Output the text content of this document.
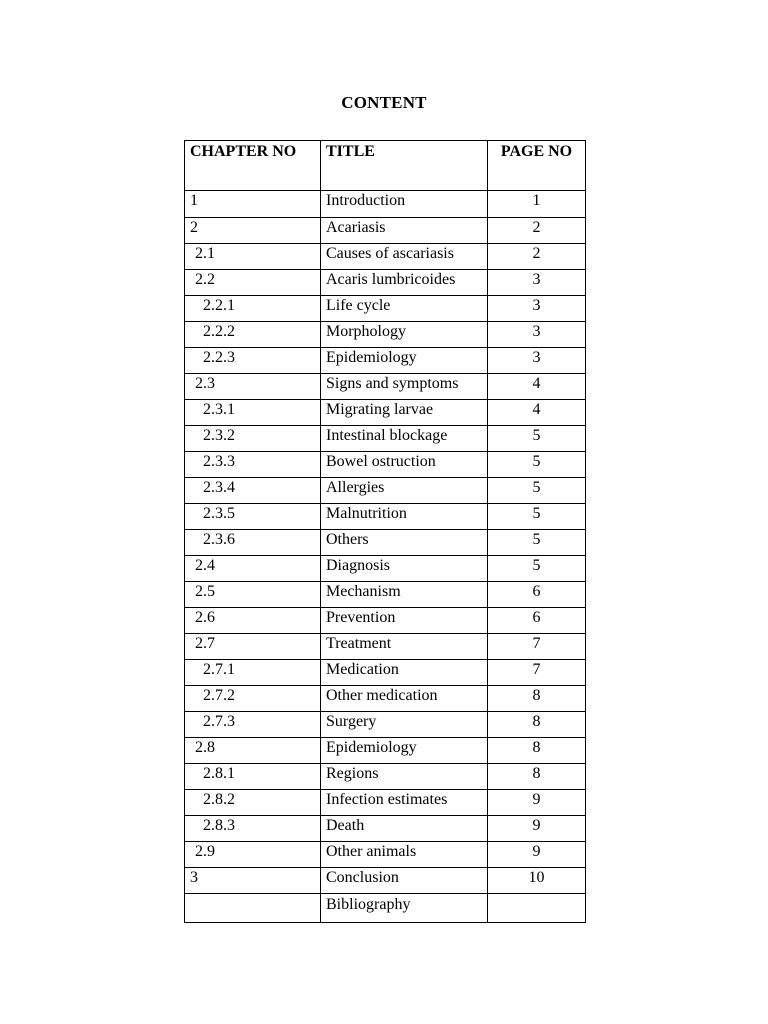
CONTENT
CHAPTER NO	TITLE	PAGE NO
1	Introduction	1
2	Acariasis	2
2.1	Causes of ascariasis	2
2.2	Acaris lumbricoides	3
2.2.1	Life cycle	3
2.2.2	Morphology	3
2.2.3	Epidemiology	3
2.3	Signs and symptoms	4
2.3.1	Migrating larvae	4
2.3.2	Intestinal blockage	5
2.3.3	Bowel ostruction	5
2.3.4	Allergies	5
2.3.5	Malnutrition	5
2.3.6	Others	5
2.4	Diagnosis	5
2.5	Mechanism	6
2.6	Prevention	6
2.7	Treatment	7
2.7.1	Medication	7
2.7.2	Other medication	8
2.7.3	Surgery	8
2.8	Epidemiology	8
2.8.1	Regions	8
2.8.2	Infection estimates	9
2.8.3	Death	9
2.9	Other animals	9
3	Conclusion	10
	Bibliography	
